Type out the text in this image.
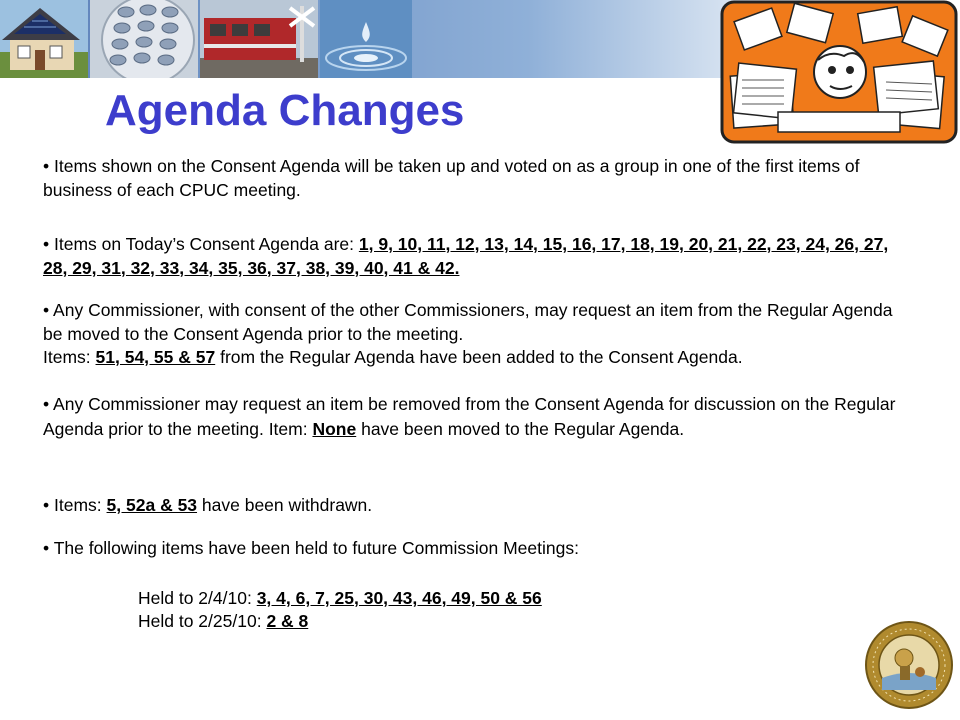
Agenda Changes
• Items shown on the Consent Agenda will be taken up and voted on as a group in one of the first items of business of each CPUC meeting.
• Items on Today’s Consent Agenda are: 1, 9, 10, 11, 12, 13, 14, 15, 16, 17, 18, 19, 20, 21, 22, 23, 24, 26, 27, 28, 29, 31, 32, 33, 34, 35, 36, 37, 38, 39, 40, 41 & 42.
• Any Commissioner, with consent of the other Commissioners, may request an item from the Regular Agenda be moved to the Consent Agenda prior to the meeting.
Items: 51, 54, 55 & 57 from the Regular Agenda have been added to the Consent Agenda.
• Any Commissioner may request an item be removed from the Consent Agenda for discussion on the Regular Agenda prior to the meeting. Item: None have been moved to the Regular Agenda.
• Items: 5, 52a & 53 have been withdrawn.
• The following items have been held to future Commission Meetings:
Held to 2/4/10: 3, 4, 6, 7, 25, 30, 43, 46, 49, 50 & 56
Held to 2/25/10: 2 & 8
